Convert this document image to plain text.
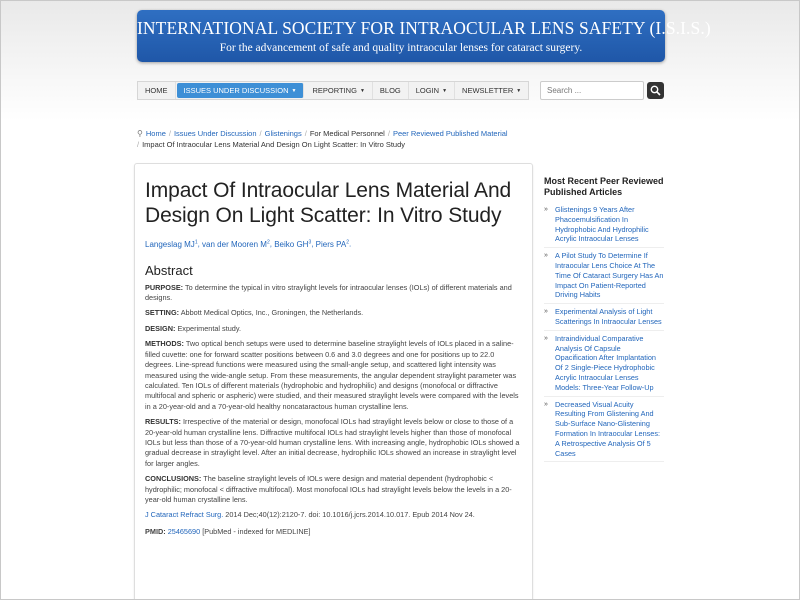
INTERNATIONAL SOCIETY FOR INTRAOCULAR LENS SAFETY (I.S.I.S.)
For the advancement of safe and quality intraocular lenses for cataract surgery.
HOME ISSUES UNDER DISCUSSION ▼ REPORTING ▼ BLOG LOGIN ▼ NEWSLETTER ▼	Search ...
⚲ Home / Issues Under Discussion / Glistenings / For Medical Personnel / Peer Reviewed Published Material
/ Impact Of Intraocular Lens Material And Design On Light Scatter: In Vitro Study
Impact Of Intraocular Lens Material And Design On Light Scatter: In Vitro Study
Langeslag $MJ^1$, van der Mooren $M^2$, Beiko $GH^3$, Piers $PA^2$.
Abstract

PURPOSE: To determine the typical in vitro straylight levels for intraocular lenses (IOLs) of different materials and designs.

SETTING: Abbott Medical Optics, Inc., Groningen, the Netherlands.

DESIGN: Experimental study.

METHODS: Two optical bench setups were used to determine baseline straylight levels of IOLs placed in a saline-filled cuvette: one for forward scatter positions between 0.6 and 3.0 degrees and one for positions up to 22.0 degrees. Line-spread functions were measured using the small-angle setup, and scattered light intensity was measured using the wide-angle setup. From these measurements, the angular dependent straylight parameter was calculated. Ten IOLs of different materials (hydrophobic and hydrophilic) and designs (monofocal or diffractive multifocal and spheric or aspheric) were studied, and their measured straylight levels were compared with the levels in a 20-year-old and a 70-year-old healthy noncataractous human crystalline lens.

RESULTS: Irrespective of the material or design, monofocal IOLs had straylight levels below or close to those of a 20-year-old human crystalline lens. Diffractive multifocal IOLs had straylight levels higher than those of monofocal IOLs but less than those of a 70-year-old human crystalline lens. With increasing angle, hydrophobic IOLs showed a gradual decrease in straylight level. After an initial decrease, hydrophilic IOLs showed an increase in straylight level for larger angles.

CONCLUSIONS: The baseline straylight levels of IOLs were design and material dependent (hydrophobic < hydrophilic; monofocal < diffractive multifocal). Most monofocal IOLs had straylight levels below the levels in a 20-year-old human crystalline lens.

J Cataract Refract Surg. 2014 Dec;40(12):2120-7. doi: 10.1016/j.jcrs.2014.10.017. Epub 2014 Nov 24.

PMID: 25465690 [PubMed - indexed for MEDLINE]

Most Recent Peer Reviewed Published Articles
» Glistenings 9 Years After Phacoemulsification In Hydrophobic And Hydrophilic Acrylic Intraocular Lenses
» A Pilot Study To Determine If Intraocular Lens Choice At The Time Of Cataract Surgery Has An Impact On Patient-Reported Driving Habits
» Experimental Analysis of Light Scatterings In Intraocular Lenses
» Intraindividual Comparative Analysis Of Capsule Opacification After Implantation Of 2 Single-Piece Hydrophobic Acrylic Intraocular Lenses Models: Three-Year Follow-Up
» Decreased Visual Acuity Resulting From Glistening And Sub-Surface Nano-Glistening Formation In Intraocular Lenses: A Retrospective Analysis Of 5 Cases
